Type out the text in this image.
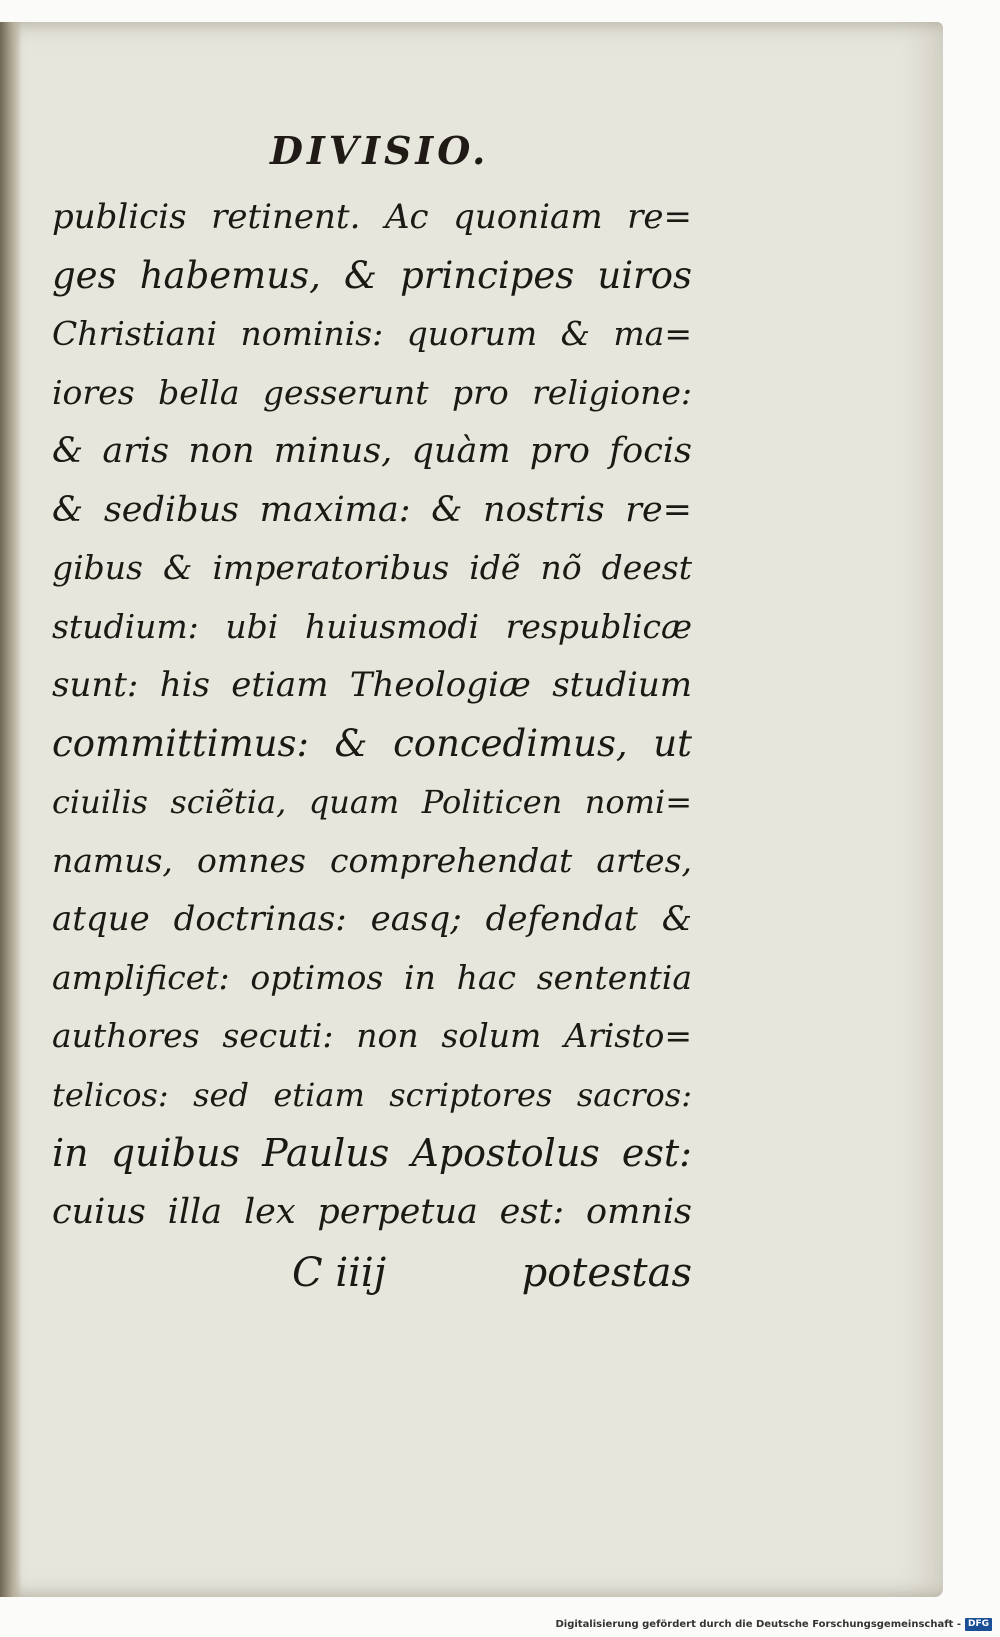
DIVISIO.
publicis retinent. Ac quoniam re=
ges habemus, & principes uiros
Christiani nominis: quorum & ma=
iores bella gesserunt pro religione:
& aris non minus, quàm pro focis
& sedibus maxima: & nostris re=
gibus & imperatoribus idẽ nõ deest
studium: ubi huiusmodi respublicæ
sunt: his etiam Theologiæ studium
committimus: & concedimus, ut
ciuilis sciẽtia, quam Politicen nomi=
namus, omnes comprehendat artes,
atque doctrinas: easq; defendat &
amplificet: optimos in hac sententia
authores secuti: non solum Aristo=
telicos: sed etiam scriptores sacros:
in quibus Paulus Apostolus est:
cuius illa lex perpetua est: omnis
C iiij	potestas
Digitalisierung gefördert durch die Deutsche Forschungsgemeinschaft - DFG
